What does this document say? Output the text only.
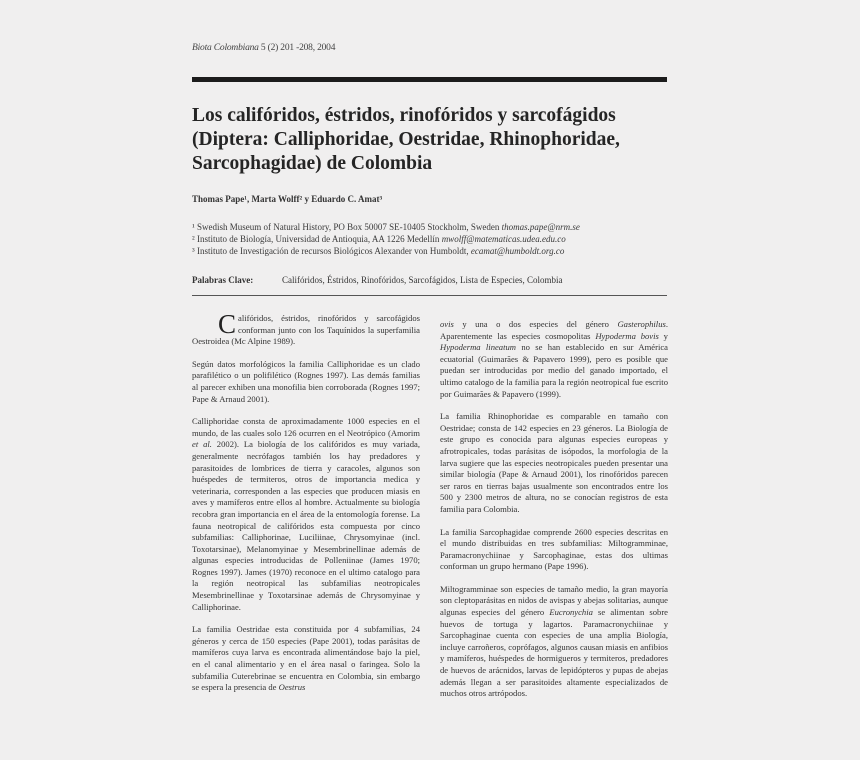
Biota Colombiana 5 (2) 201 -208, 2004
Los califóridos, éstridos, rinofóridos y sarcofágidos
(Diptera: Calliphoridae, Oestridae, Rhinophoridae,
Sarcophagidae) de Colombia
Thomas Pape¹, Marta Wolff² y Eduardo C. Amat³
¹ Swedish Museum of Natural History, PO Box 50007 SE-10405 Stockholm, Sweden thomas.pape@nrm.se
² Instituto de Biología, Universidad de Antioquia, AA 1226 Medellín mwolff@matematicas.udea.edu.co
³ Instituto de Investigación de recursos Biológicos Alexander von Humboldt, ecamat@humboldt.org.co
Palabras Clave:	Califóridos, Éstridos, Rinofóridos, Sarcofágidos, Lista de Especies, Colombia

Califóridos, éstridos, rinofóridos y sarcofágidos conforman junto con los Taquínidos la superfamilia Oestroidea (Mc Alpine 1989).

Según datos morfológicos la familia Calliphoridae es un clado parafilético o un polifilético (Rognes 1997). Las demás familias al parecer exhiben una monofilia bien corroborada (Rognes 1997; Pape & Arnaud 2001).

Calliphoridae consta de aproximadamente 1000 especies en el mundo, de las cuales solo 126 ocurren en el Neotrópico (Amorim et al. 2002). La biología de los califóridos es muy variada, generalmente necrófagos también los hay predadores y parasitoides de lombrices de tierra y caracoles, algunos son huéspedes de termiteros, otros de importancia medica y veterinaria, corresponden a las especies que producen miasis en aves y mamíferos entre ellos al hombre. Actualmente su biología recobra gran importancia en el área de la entomología forense. La fauna neotropical de califóridos esta compuesta por cinco subfamilias: Calliphorinae, Luciliinae, Chrysomyinae (incl. Toxotarsinae), Melanomyinae y Mesembrinellinae además de algunas especies introducidas de Polleniinae (James 1970; Rognes 1997). James (1970) reconoce en el ultimo catalogo para la región neotropical las subfamilias neotropicales Mesembrinellinae y Toxotarsinae además de Chrysomyinae y Calliphorinae.

La familia Oestridae esta constituida por 4 subfamilias, 24 géneros y cerca de 150 especies (Pape 2001), todas parásitas de mamíferos cuya larva es encontrada alimentándose bajo la piel, en el canal alimentario y en el área nasal o faringea. Solo la subfamilia Cuterebrinae se encuentra en Colombia, sin embargo se espera la presencia de Oestrus

ovis y una o dos especies del género Gasterophilus. Aparentemente las especies cosmopolitas Hypoderma bovis y Hypoderma lineatum no se han establecido en sur América ecuatorial (Guimarães & Papavero 1999), pero es posible que puedan ser introducidas por medio del ganado importado, el ultimo catalogo de la familia para la región neotropical fue escrito por Guimarães & Papavero (1999).

La familia Rhinophoridae es comparable en tamaño con Oestridae; consta de 142 especies en 23 géneros. La Biología de este grupo es conocida para algunas especies europeas y afrotropicales, todas parásitas de isópodos, la morfologia de la larva sugiere que las especies neotropicales pueden presentar una similar biología (Pape & Arnaud 2001), los rinofóridos parecen ser raros en tierras bajas usualmente son encontrados entre los 500 y 2300 metros de altura, no se conocían registros de esta familia para Colombia.

La familia Sarcophagidae comprende 2600 especies descritas en el mundo distribuidas en tres subfamilias: Miltogramminae, Paramacronychiinae y Sarcophaginae, estas dos ultimas conforman un grupo hermano (Pape 1996).

Miltogramminae son especies de tamaño medio, la gran mayoría son cleptoparásitas en nidos de avispas y abejas solitarias, aunque algunas especies del género Eucronychia se alimentan sobre huevos de tortuga y lagartos. Paramacronychiinae y Sarcophaginae cuenta con especies de una amplia Biología, incluye carroñeros, coprófagos, algunos causan miasis en anfibios y mamíferos, huéspedes de hormigueros y termiteros, predadores de huevos de arácnidos, larvas de lepidópteros y pupas de abejas además llegan a ser parasitoides altamente especializados de muchos otros artrópodos.
